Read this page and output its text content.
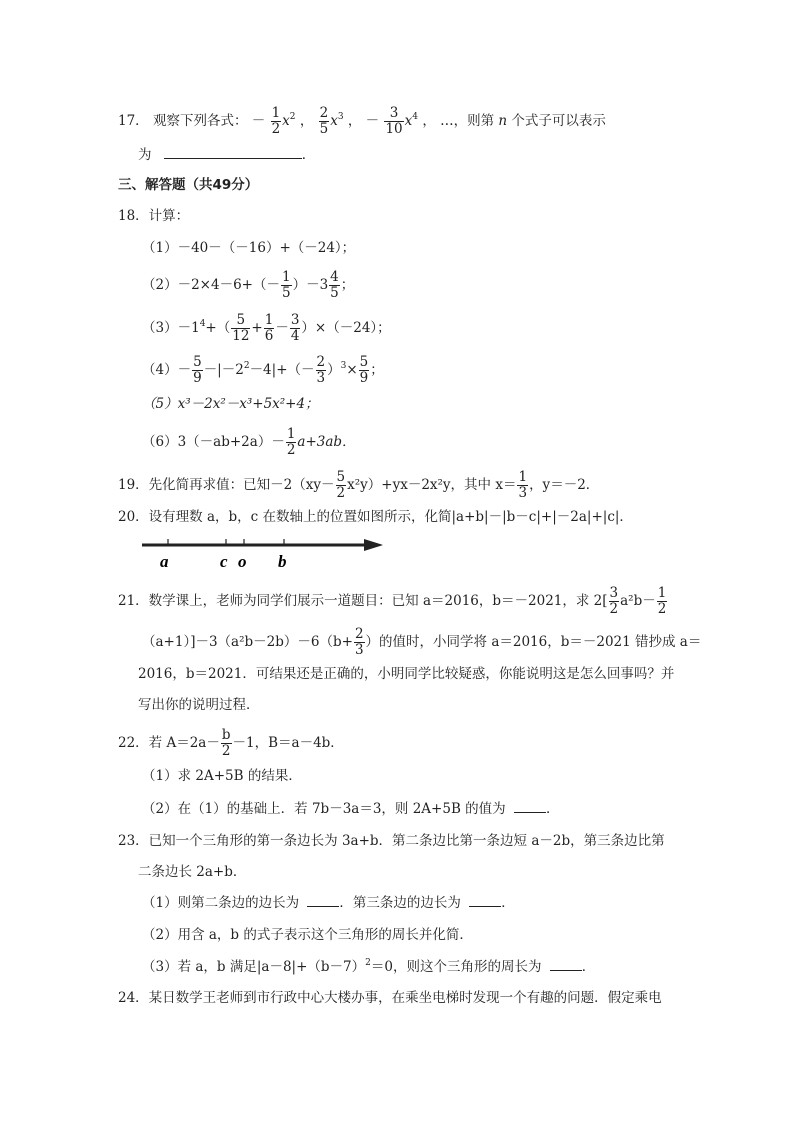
17． 观察下列各式： － $\frac{1}{2} x^2$ ， $\frac{2}{5} x^3$ ， － $\frac{3}{10} x^4$ ， …，则第 n 个式子可以表示
为	．
三、解答题（共49分）
18．计算：
（1）－40－（－16）+（－24）；
$(2)-2\times 4-6+(- \frac{1}{5} )-3 \frac{4}{5}$ ；
$(3)-1^4+( \frac{5}{12} + \frac{1}{6} - \frac{3}{4} )\times(-24)$；
$(4)- \frac{5}{9} -|-2^2-4|+(- \frac{2}{3} )^3\times \frac{5}{9}$ ；
（5）x³－2x²－x³+5x²+4；
$(6)3(-ab+2a)- \frac{1}{2} a+3ab$．
19．先化简再求值：已知$-2(xy- \frac{5}{2} x^2y)+yx-2x^2y$，其中 $x= \frac{1}{3}$ ，y＝－2．
20．设有理数 a，b，c 在数轴上的位置如图所示，化简|a+b|－|b－c|+|－2a|+|c|．
a	c o b
21．数学课上，老师为同学们展示一道题目：已知 a＝2016，b＝－2021，求 $2[ \frac{3}{2} a^2b- \frac{1}{2}$
$(a+1)]-3(a^2b-2b)-6(b+ \frac{2}{3}$ ）的值时，小同学将 a＝2016，b＝－2021 错抄成 a＝
2016，b＝2021．可结果还是正确的，小明同学比较疑惑，你能说明这是怎么回事吗？并
写出你的说明过程．
22．若 $A=2a- \frac{b}{2} -1$，B＝a－4b．
（1）求 2A+5B 的结果．
（2）在（1）的基础上．若 7b－3a＝3，则 2A+5B 的值为	．
23．已知一个三角形的第一条边长为 3a+b．第二条边比第一条边短 a－2b，第三条边比第
二条边长 2a+b．
（1）则第二条边的边长为	．第三条边的边长为	．
（2）用含 a，b 的式子表示这个三角形的周长并化简．
（3）若 a，b 满足$|a-8|+(b-7)^2=0$，则这个三角形的周长为	．
24．某日数学王老师到市行政中心大楼办事，在乘坐电梯时发现一个有趣的问题．假定乘电
